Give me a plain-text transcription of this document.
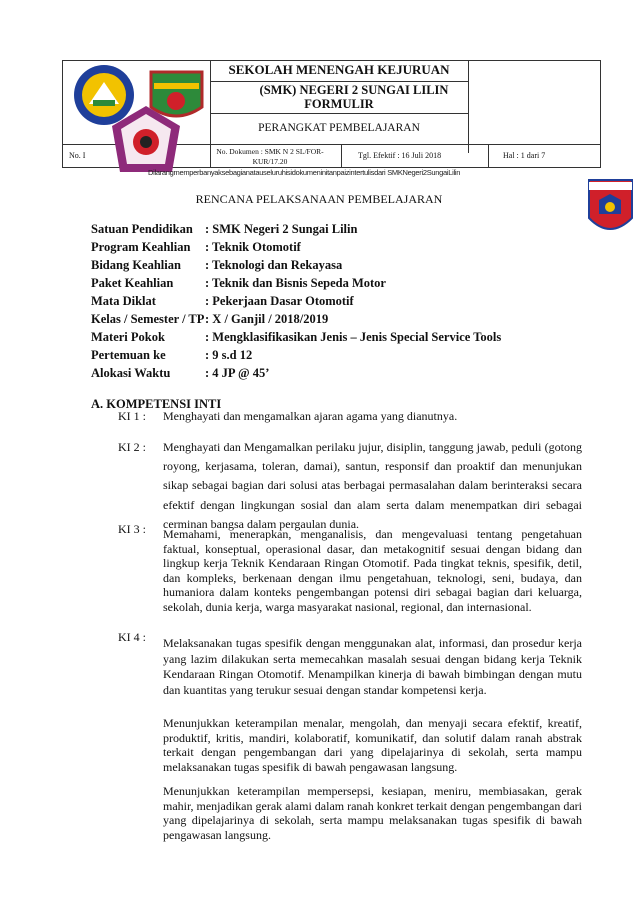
SEKOLAH MENENGAH KEJURUAN
(SMK) NEGERI 2 SUNGAI LILIN
FORMULIR
PERANGKAT PEMBELAJARAN
No. I	No. Dokumen : SMK N 2 SL/FOR-KUR/17.20
Tgl. Efektif : 16 Juli 2018	Hal : 1 dari 7
Dilarangmemperbanyaksebagianatauseluruhisidokumeninitanpaizintertulisdari SMKNegeri2SungaiLilin
RENCANA PELAKSANAAN PEMBELAJARAN
Satuan Pendidikan : SMK Negeri 2 Sungai Lilin
Program Keahlian : Teknik Otomotif
Bidang Keahlian : Teknologi dan Rekayasa
Paket Keahlian	: Teknik dan Bisnis Sepeda Motor
Mata Diklat	: Pekerjaan Dasar Otomotif
Kelas / Semester / TP : X / Ganjil / 2018/2019
Materi Pokok	: Mengklasifikasikan Jenis – Jenis Special Service Tools
Pertemuan ke	: 9 s.d 12
Alokasi Waktu	: 4 JP @ 45’
A. KOMPETENSI INTI
KI 1 : Menghayati dan mengamalkan ajaran agama yang dianutnya.
KI 2 : Menghayati dan Mengamalkan perilaku jujur, disiplin, tanggung jawab, peduli (gotong royong, kerjasama, toleran, damai), santun, responsif dan proaktif dan menunjukan sikap sebagai bagian dari solusi atas berbagai permasalahan dalam berinteraksi secara efektif dengan lingkungan sosial dan alam serta dalam menempatkan diri sebagai cerminan bangsa dalam pergaulan dunia.
KI 3 : Memahami, menerapkan, menganalisis, dan mengevaluasi tentang pengetahuan faktual, konseptual, operasional dasar, dan metakognitif sesuai dengan bidang dan lingkup kerja Teknik Kendaraan Ringan Otomotif. Pada tingkat teknis, spesifik, detil, dan kompleks, berkenaan dengan ilmu pengetahuan, teknologi, seni, budaya, dan humaniora dalam konteks pengembangan potensi diri sebagai bagian dari keluarga, sekolah, dunia kerja, warga masyarakat nasional, regional, dan internasional.
KI 4 : Melaksanakan tugas spesifik dengan menggunakan alat, informasi, dan prosedur kerja yang lazim dilakukan serta memecahkan masalah sesuai dengan bidang kerja Teknik Kendaraan Ringan Otomotif. Menampilkan kinerja di bawah bimbingan dengan mutu dan kuantitas yang terukur sesuai dengan standar kompetensi kerja.
Menunjukkan keterampilan menalar, mengolah, dan menyaji secara efektif, kreatif, produktif, kritis, mandiri, kolaboratif, komunikatif, dan solutif dalam ranah abstrak terkait dengan pengembangan dari yang dipelajarinya di sekolah, serta mampu melaksanakan tugas spesifik di bawah pengawasan langsung.
Menunjukkan keterampilan mempersepsi, kesiapan, meniru, membiasakan, gerak mahir, menjadikan gerak alami dalam ranah konkret terkait dengan pengembangan dari yang dipelajarinya di sekolah, serta mampu melaksanakan tugas spesifik di bawah pengawasan langsung.
